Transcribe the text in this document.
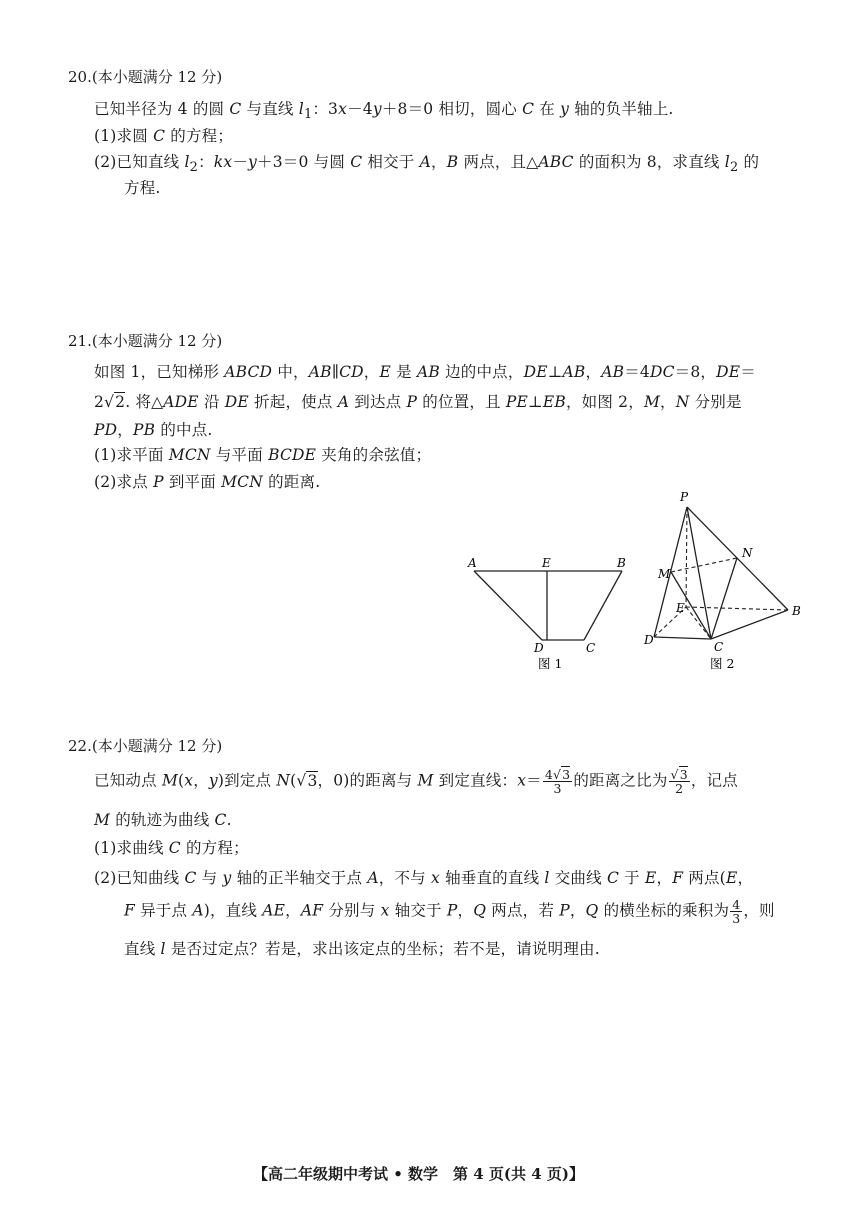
20.(本小题满分 12 分)
已知半径为 4 的圆 C 与直线 $l_1$：3x－4y＋8＝0 相切，圆心 C 在 y 轴的负半轴上.
(1)求圆 C 的方程；
(2)已知直线 $l_2$：kx－y＋3＝0 与圆 C 相交于 A，B 两点，且△ABC 的面积为 8，求直线 $l_2$ 的
方程.
21.(本小题满分 12 分)
如图 1，已知梯形 ABCD 中，AB∥CD，E 是 AB 边的中点，DE⊥AB，AB＝4DC＝8，DE＝
2√2. 将△ADE 沿 DE 折起，使点 A 到达点 P 的位置，且 PE⊥EB，如图 2，M，N 分别是
PD，PB 的中点.
(1)求平面 MCN 与平面 BCDE 夹角的余弦值；
(2)求点 P 到平面 MCN 的距离.
A	E	B
D	C
图 1
P
N
M
E	B
D	C
图 2
22.(本小题满分 12 分)
已知动点 M(x，y)到定点 N(√3，0)的距离与 M 到定直线：$x= \frac{4√3}{3}$ 的距离之比为 $\frac{√3}{2}$ ，记点
M 的轨迹为曲线 C.
(1)求曲线 C 的方程；
(2)已知曲线 C 与 y 轴的正半轴交于点 A，不与 x 轴垂直的直线 l 交曲线 C 于 E，F 两点(E，
F 异于点 A)，直线 AE，AF 分别与 x 轴交于 P，Q 两点，若 P，Q 的横坐标的乘积为 $\frac{4}{3}$ ，则
直线 l 是否过定点？若是，求出该定点的坐标；若不是，请说明理由.
【高二年级期中考试 • 数学　第 4 页(共 4 页)】
